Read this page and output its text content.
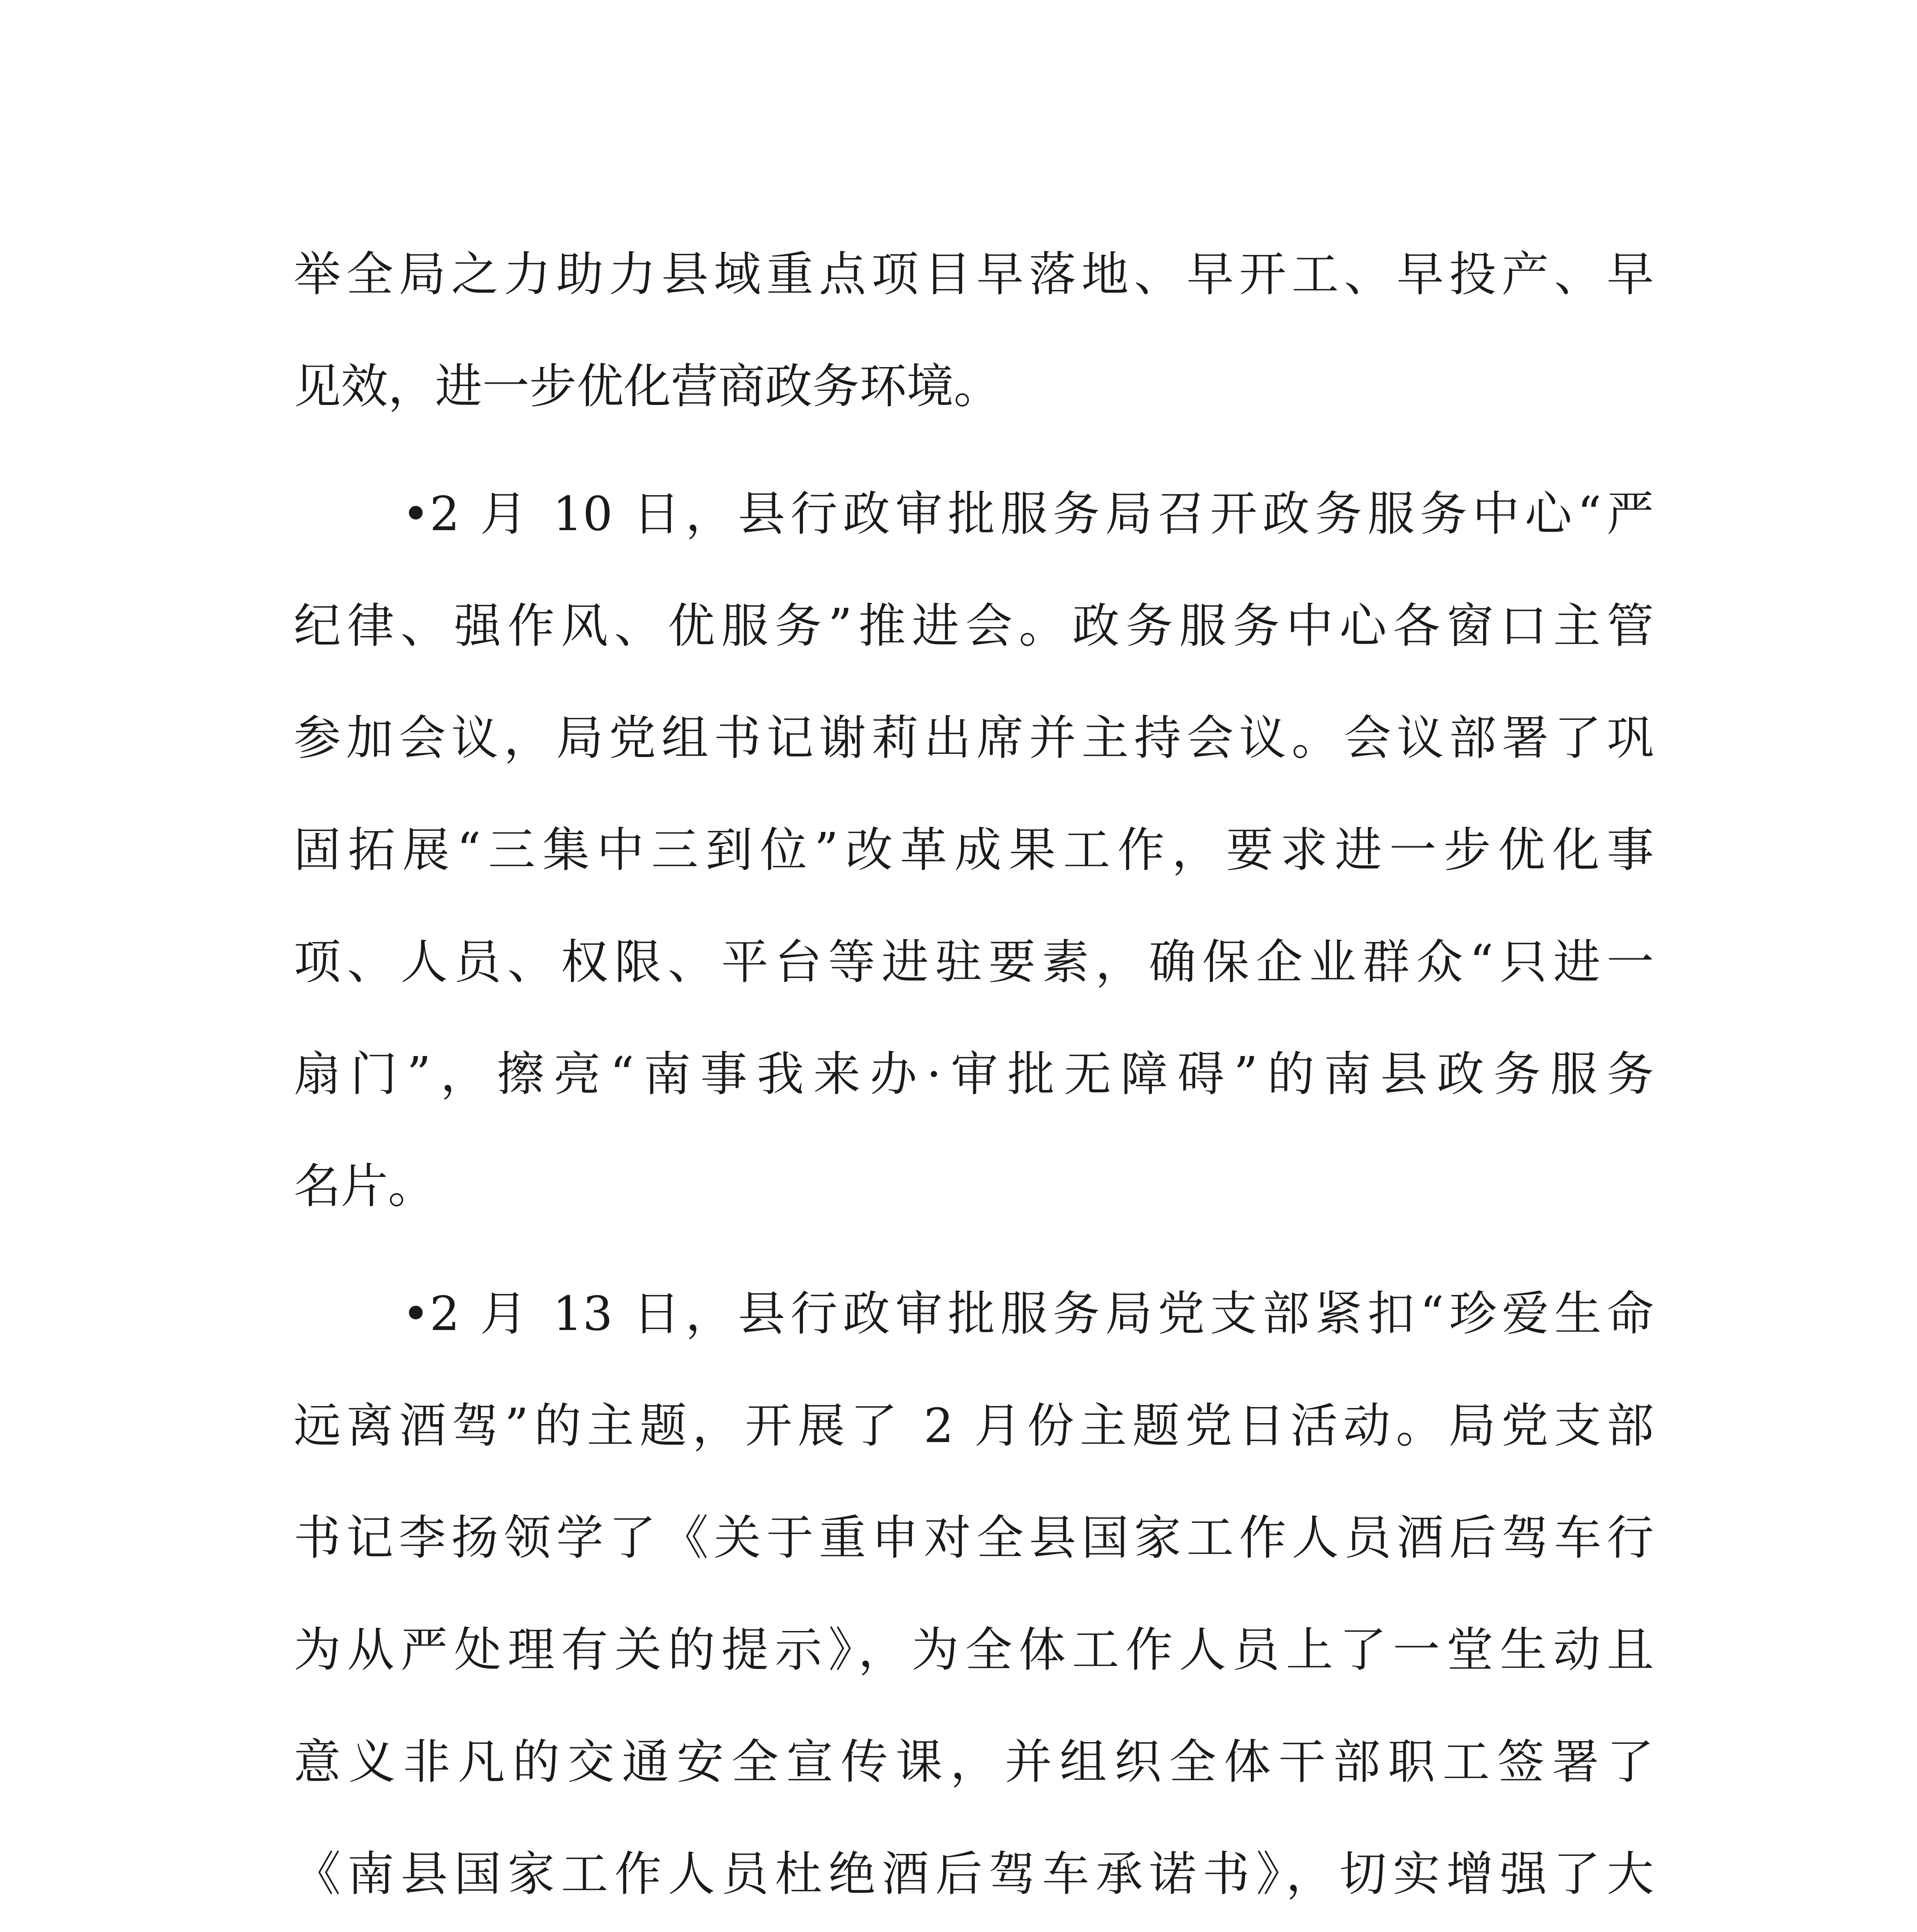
举全局之力助力县域重点项目早落地、早开工、早投产、早
见效，进一步优化营商政务环境。
•2 月 10 日，县行政审批服务局召开政务服务中心“严
纪律、强作风、优服务”推进会。政务服务中心各窗口主管
参加会议，局党组书记谢莉出席并主持会议。会议部署了巩
固拓展“三集中三到位”改革成果工作，要求进一步优化事
项、人员、权限、平台等进驻要素，确保企业群众“只进一
扇门”，擦亮“南事我来办·审批无障碍”的南县政务服务
名片。
•2 月 13 日，县行政审批服务局党支部紧扣“珍爱生命
远离酒驾”的主题，开展了 2 月份主题党日活动。局党支部
书记李扬领学了《关于重申对全县国家工作人员酒后驾车行
为从严处理有关的提示》，为全体工作人员上了一堂生动且
意义非凡的交通安全宣传课，并组织全体干部职工签署了
《南县国家工作人员杜绝酒后驾车承诺书》，切实增强了大
